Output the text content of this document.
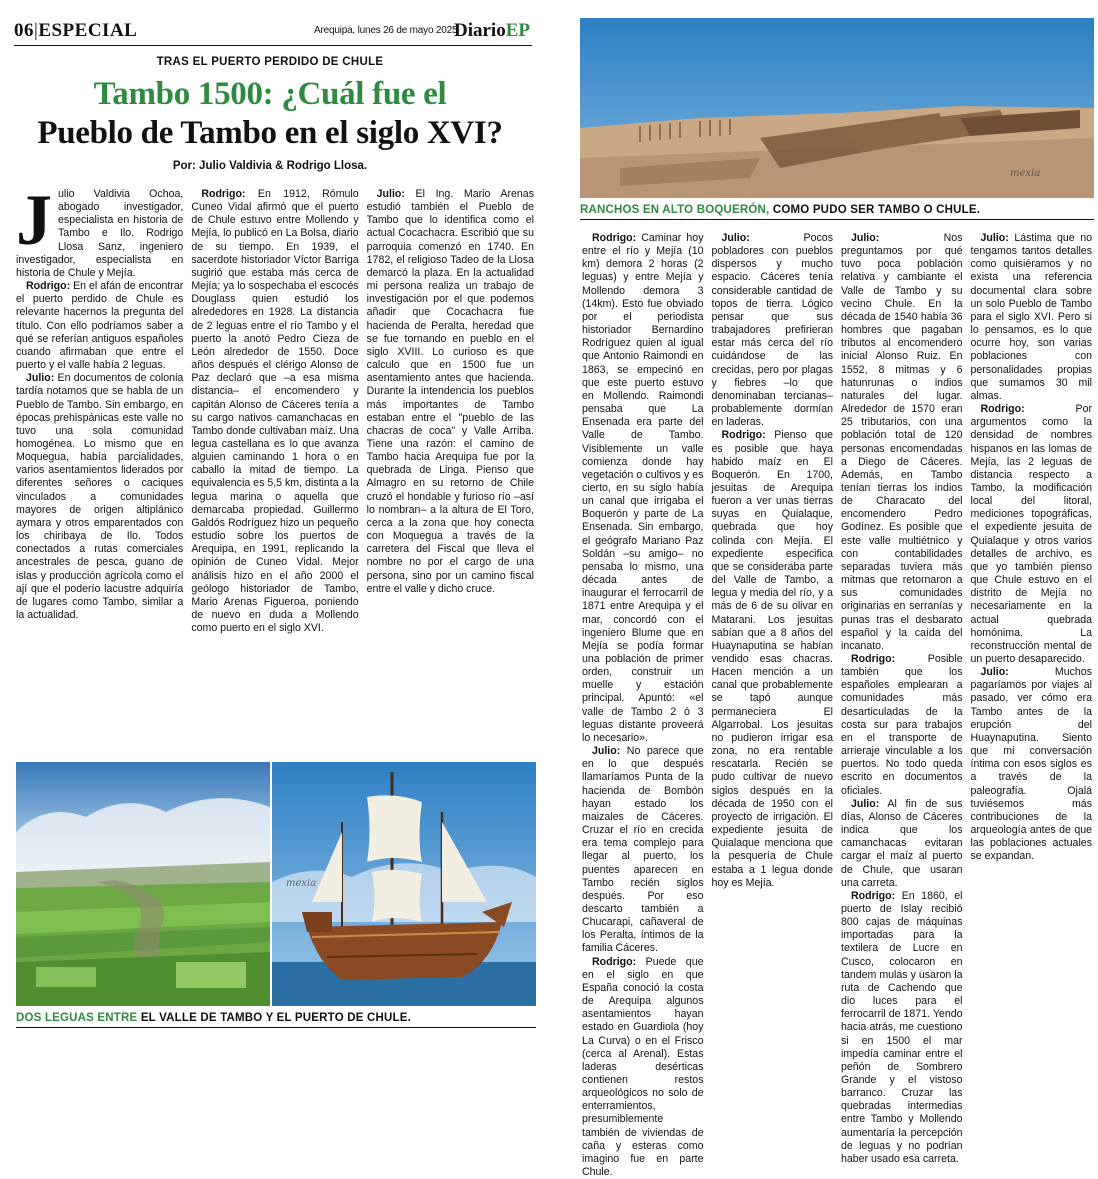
06|ESPECIAL	Arequipa, lunes 26 de mayo 2025
DiarioEP
TRAS EL PUERTO PERDIDO DE CHULE
Tambo 1500: ¿Cuál fue el
Pueblo de Tambo en el siglo XVI?
Por: Julio Valdivia & Rodrigo Llosa.

Julio Valdivia Ochoa, abogado investigador, especialista en historia de Tambo e Ilo. Rodrigo Llosa Sanz, ingeniero investigador, especialista en historia de Chule y Mejía.

Rodrigo: En el afán de encontrar el puerto perdido de Chule es relevante hacernos la pregunta del título. Con ello podríamos saber a qué se referían antiguos españoles cuando afirmaban que entre el puerto y el valle había 2 leguas.

Julio: En documentos de colonia tardía notamos que se habla de un Pueblo de Tambo. Sin embargo, en épocas prehispánicas este valle no tuvo una sola comunidad homogénea. Lo mismo que en Moquegua, había parcialidades, varios asentamientos liderados por diferentes señores o caciques vinculados a comunidades mayores de origen altiplánico aymara y otros emparentados con los chiribaya de Ilo. Todos conectados a rutas comerciales ancestrales de pesca, guano de islas y producción agrícola como el ají que el poderío lacustre adquiría de lugares como Tambo, similar a la actualidad.

Rodrigo: En 1912, Rómulo Cuneo Vidal afirmó que el puerto de Chule estuvo entre Mollendo y Mejía, lo publicó en La Bolsa, diario de su tiempo. En 1939, el sacerdote historiador Víctor Barriga sugirió que estaba más cerca de Mejía; ya lo sospechaba el escocés Douglass quien estudió los alrededores en 1928. La distancia de 2 leguas entre el río Tambo y el puerto la anotó Pedro Cieza de León alrededor de 1550. Doce años después el clérigo Alonso de Paz declaró que –a esa misma distancia– el encomendero y capitán Alonso de Cáceres tenía a su cargo nativos camanchacas en Tambo donde cultivaban maíz. Una legua castellana es lo que avanza alguien caminando 1 hora o en caballo la mitad de tiempo. La equivalencia es 5,5 km, distinta a la legua marina o aquella que demarcaba propiedad. Guillermo Galdós Rodríguez hizo un pequeño estudio sobre los puertos de Arequipa, en 1991, replicando la opinión de Cuneo Vidal. Mejor análisis hizo en el año 2000 el geólogo historiador de Tambo, Mario Arenas Figueroa, poniendo de nuevo en duda a Mollendo como puerto en el siglo XVI.

Julio: El Ing. Mario Arenas estudió también el Pueblo de Tambo que lo identifica como el actual Cocachacra. Escribió que su parroquia comenzó en 1740. En 1782, el religioso Tadeo de la Llosa demarcó la plaza. En la actualidad mi persona realiza un trabajo de investigación por el que podemos añadir que Cocachacra fue hacienda de Peralta, heredad que se fue tornando en pueblo en el siglo XVIII. Lo curioso es que calculo que en 1500 fue un asentamiento antes que hacienda. Durante la intendencia los pueblos más importantes de Tambo estaban entre el "pueblo de las chacras de coca" y Valle Arriba. Tiene una razón: el camino de Tambo hacia Arequipa fue por la quebrada de Linga. Pienso que Almagro en su retorno de Chile cruzó el hondable y furioso río –así lo nombran– a la altura de El Toro, cerca a la zona que hoy conecta con Moquegua a través de la carretera del Fiscal que lleva el nombre no por el cargo de una persona, sino por un camino fiscal entre el valle y dicho cruce.

mexia
DOS LEGUAS ENTRE EL VALLE DE TAMBO Y EL PUERTO DE CHULE.
mexia
RANCHOS EN ALTO BOQUERÓN, COMO PUDO SER TAMBO O CHULE.

Rodrigo: Caminar hoy entre el río y Mejía (10 km) demora 2 horas (2 leguas) y entre Mejía y Mollendo demora 3 (14km). Esto fue obviado por el periodista historiador Bernardino Rodríguez quien al igual que Antonio Raimondi en 1863, se empecinó en que este puerto estuvo en Mollendo. Raimondi pensaba que La Ensenada era parte del Valle de Tambo. Visiblemente un valle comienza donde hay vegetación o cultivos y es cierto, en su siglo había un canal que irrigaba el Boquerón y parte de La Ensenada. Sin embargo, el geógrafo Mariano Paz Soldán –su amigo– no pensaba lo mismo, una década antes de inaugurar el ferrocarril de 1871 entre Arequipa y el mar, concordó con el ingeniero Blume que en Mejía se podía formar una población de primer orden, construir un muelle y estación principal. Apuntó: «el valle de Tambo 2 ó 3 leguas distante proveerá lo necesario».

Julio: No parece que en lo que después llamaríamos Punta de la hacienda de Bombón hayan estado los maizales de Cáceres. Cruzar el río en crecida era tema complejo para llegar al puerto, los puentes aparecen en Tambo recién siglos después. Por eso descarto también a Chucarapi, cañaveral de los Peralta, íntimos de la familia Cáceres.

Rodrigo: Puede que en el siglo en que España conoció la costa de Arequipa algunos asentamientos hayan estado en Guardiola (hoy La Curva) o en el Frisco (cerca al Arenal). Estas laderas desérticas contienen restos arqueológicos no solo de enterramientos, presumiblemente también de viviendas de caña y esteras como imagino fue en parte Chule.

Julio:	Pocos pobladores con pueblos dispersos y mucho espacio. Cáceres tenía considerable cantidad de topos de tierra. Lógico pensar que sus trabajadores prefirieran estar más cerca del río cuidándose de las crecidas, pero por plagas y fiebres –lo que denominaban tercianas– probablemente dormían en laderas.

Rodrigo: Pienso que es posible que haya habido maíz en El Boquerón. En 1700, jesuitas de Arequipa fueron a ver unas tierras suyas en Quialaque, quebrada que hoy colinda con Mejía. El expediente especifica que se consideraba parte del Valle de Tambo, a legua y media del río, y a más de 6 de su olivar en Matarani. Los jesuitas sabían que a 8 años del Huaynaputina se habían vendido esas chacras. Hacen mención a un canal que probablemente se tapó aunque permaneciera El Algarrobal. Los jesuitas no pudieron irrigar esa zona, no era rentable rescatarla. Recién se pudo cultivar de nuevo siglos después en la década de 1950 con el proyecto de irrigación. El expediente jesuita de Quialaque menciona que la pesquería de Chule estaba a 1 legua donde hoy es Mejía.

Julio:	Nos preguntamos por qué tuvo poca población relativa y cambiante el Valle de Tambo y su vecino Chule. En la década de 1540 había 36 hombres que pagaban tributos al encomendero inicial Alonso Ruiz. En 1552, 8 mitmas y 6 hatunrunas o indios naturales del lugar. Alrededor de 1570 eran 25 tributarios, con una población total de 120 personas encomendadas a Diego de Cáceres. Además, en Tambo tenían tierras los indios de Characato del encomendero Pedro Godínez. Es posible que este valle multiétnico y con contabilidades separadas tuviera más mitmas que retornaron a sus comunidades originarias en serranías y punas tras el desbarato español y la caída del incanato.

Rodrigo:	Posible también que los españoles emplearan a comunidades más desarticuladas de la costa sur para trabajos en el transporte de arrieraje vinculable a los puertos. No todo queda escrito en documentos oficiales.

Julio: Al fin de sus días, Alonso de Cáceres indica que los camanchacas evitaran cargar el maíz al puerto de Chule, que usaran una carreta.

Rodrigo: En 1860, el puerto de Islay recibió 800 cajas de máquinas importadas para la textilera de Lucre en Cusco, colocaron en tandem mulas y usaron la ruta de Cachendo que dio luces para el ferrocarril de 1871. Yendo hacia atrás, me cuestiono si en 1500 el mar impedía caminar entre el peñón de Sombrero Grande y el vistoso barranco. Cruzar las quebradas intermedias entre Tambo y Mollendo aumentaría la percepción de leguas y no podrían haber usado esa carreta.

Julio: Lástima que no tengamos tantos detalles como quisiéramos y no exista una referencia documental clara sobre un solo Pueblo de Tambo para el siglo XVI. Pero si lo pensamos, es lo que ocurre hoy, son varias poblaciones con personalidades propias que sumamos 30 mil almas.

Rodrigo:	Por argumentos como la densidad de nombres hispanos en las lomas de Mejía, las 2 leguas de distancia respecto a Tambo, la modificación local del litoral, mediciones topográficas, el expediente jesuita de Quialaque y otros varios detalles de archivo, es que yo también pienso que Chule estuvo en el distrito de Mejía no necesariamente en la actual quebrada homónima. La reconstrucción mental de un puerto desaparecido.

Julio:	Muchos pagaríamos por viajes al pasado, ver cómo era Tambo antes de la erupción del Huaynaputina. Siento que mi conversación íntima con esos siglos es a través de la paleografía. Ojalá tuviésemos más contribuciones de la arqueología antes de que las poblaciones actuales se expandan.
